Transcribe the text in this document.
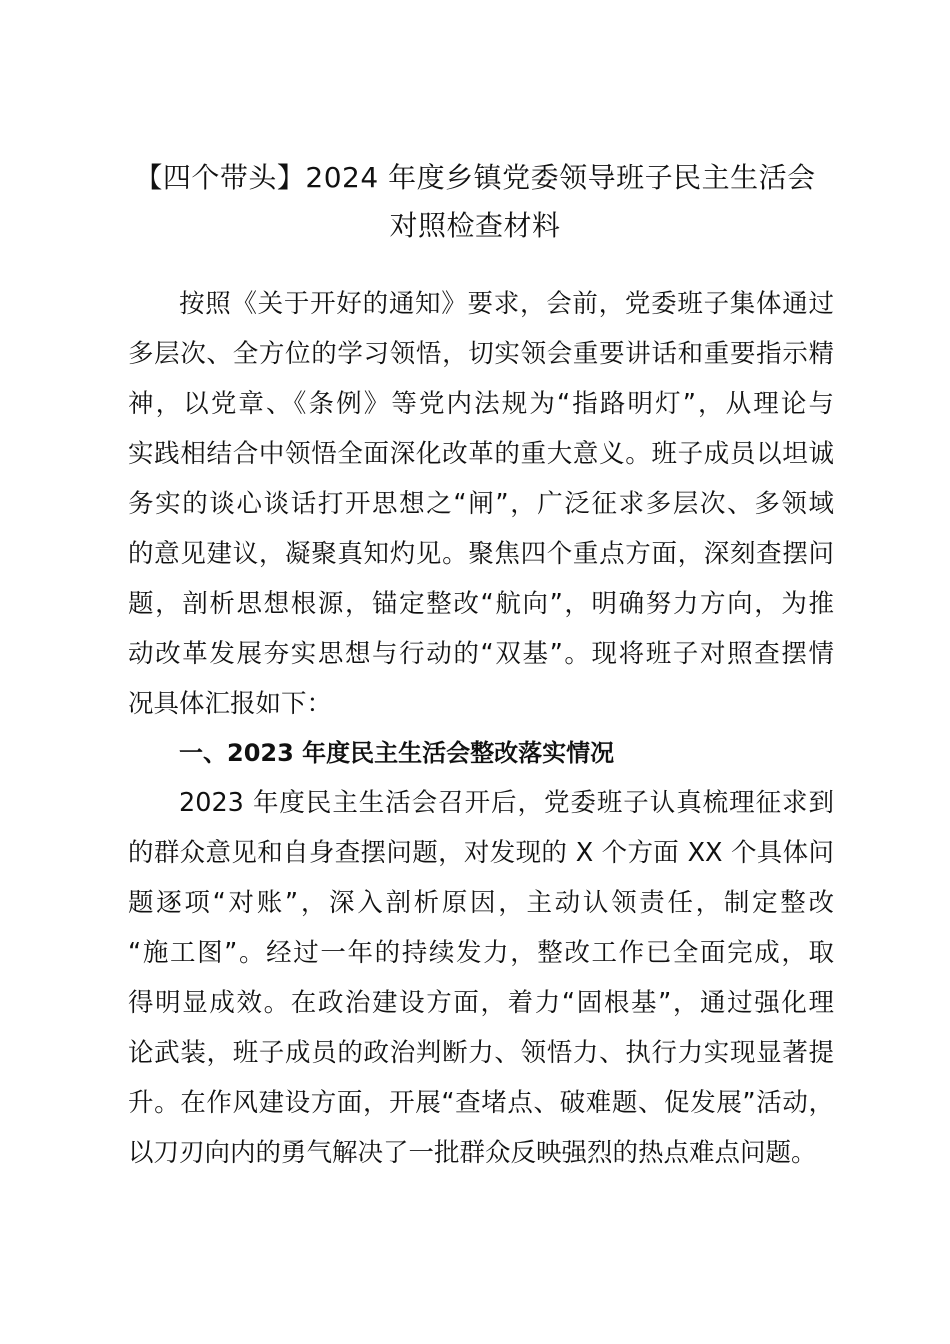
【四个带头】2024 年度乡镇党委领导班子民主生活会
对照检查材料

按照《关于开好的通知》要求，会前，党委班子集体通过
多层次、全方位的学习领悟，切实领会重要讲话和重要指示精
神，以党章、《条例》等党内法规为“指路明灯”，从理论与
实践相结合中领悟全面深化改革的重大意义。班子成员以坦诚
务实的谈心谈话打开思想之“闸”，广泛征求多层次、多领域
的意见建议，凝聚真知灼见。聚焦四个重点方面，深刻查摆问
题，剖析思想根源，锚定整改“航向”，明确努力方向，为推
动改革发展夯实思想与行动的“双基”。现将班子对照查摆情
况具体汇报如下：

一、2023 年度民主生活会整改落实情况

2023 年度民主生活会召开后，党委班子认真梳理征求到
的群众意见和自身查摆问题，对发现的 X 个方面 XX 个具体问
题逐项“对账”，深入剖析原因，主动认领责任，制定整改
“施工图”。经过一年的持续发力，整改工作已全面完成，取
得明显成效。在政治建设方面，着力“固根基”，通过强化理
论武装，班子成员的政治判断力、领悟力、执行力实现显著提
升。在作风建设方面，开展“查堵点、破难题、促发展”活动，
以刀刃向内的勇气解决了一批群众反映强烈的热点难点问题。
